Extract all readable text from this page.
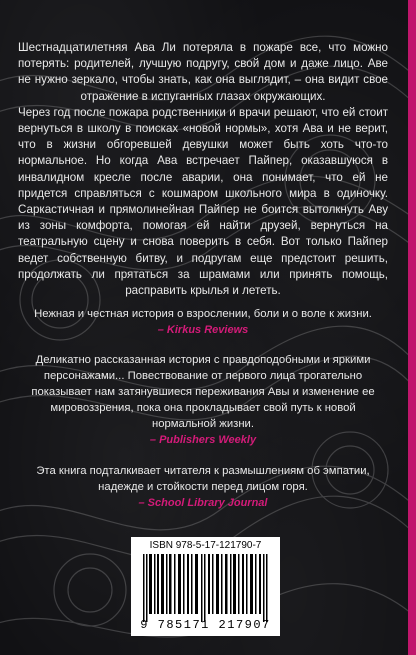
Шестнадцатилетняя Ава Ли потеряла в пожаре все, что можно потерять: родителей, лучшую подругу, свой дом и даже лицо. Аве не нужно зеркало, чтобы знать, как она выглядит, – она видит свое отражение в испуганных глазах окружающих.

Через год после пожара родственники и врачи решают, что ей стоит вернуться в школу в поисках «новой нормы», хотя Ава и не верит, что в жизни обгоревшей девушки может быть хоть что-то нормальное. Но когда Ава встречает Пайпер, оказавшуюся в инвалидном кресле после аварии, она понимает, что ей не придется справляться с кошмаром школьного мира в одиночку. Саркастичная и прямолинейная Пайпер не боится вытолкнуть Аву из зоны комфорта, помогая ей найти друзей, вернуться на театральную сцену и снова поверить в себя. Вот только Пайпер ведет собственную битву, и подругам еще предстоит решить, продолжать ли прятаться за шрамами или принять помощь, расправить крылья и лететь.

Нежная и честная история о взрослении, боли и о воле к жизни.
– Kirkus Reviews
Деликатно рассказанная история с правдоподобными и яркими персонажами... Повествование от первого лица трогательно показывает нам затянувшиеся переживания Авы и изменение ее мировоззрения, пока она прокладывает свой путь к новой нормальной жизни.
– Publishers Weekly
Эта книга подталкивает читателя к размышлениям об эмпатии, надежде и стойкости перед лицом горя.
– School Library Journal
ISBN 978-5-17-121790-7
9 785171 217907
